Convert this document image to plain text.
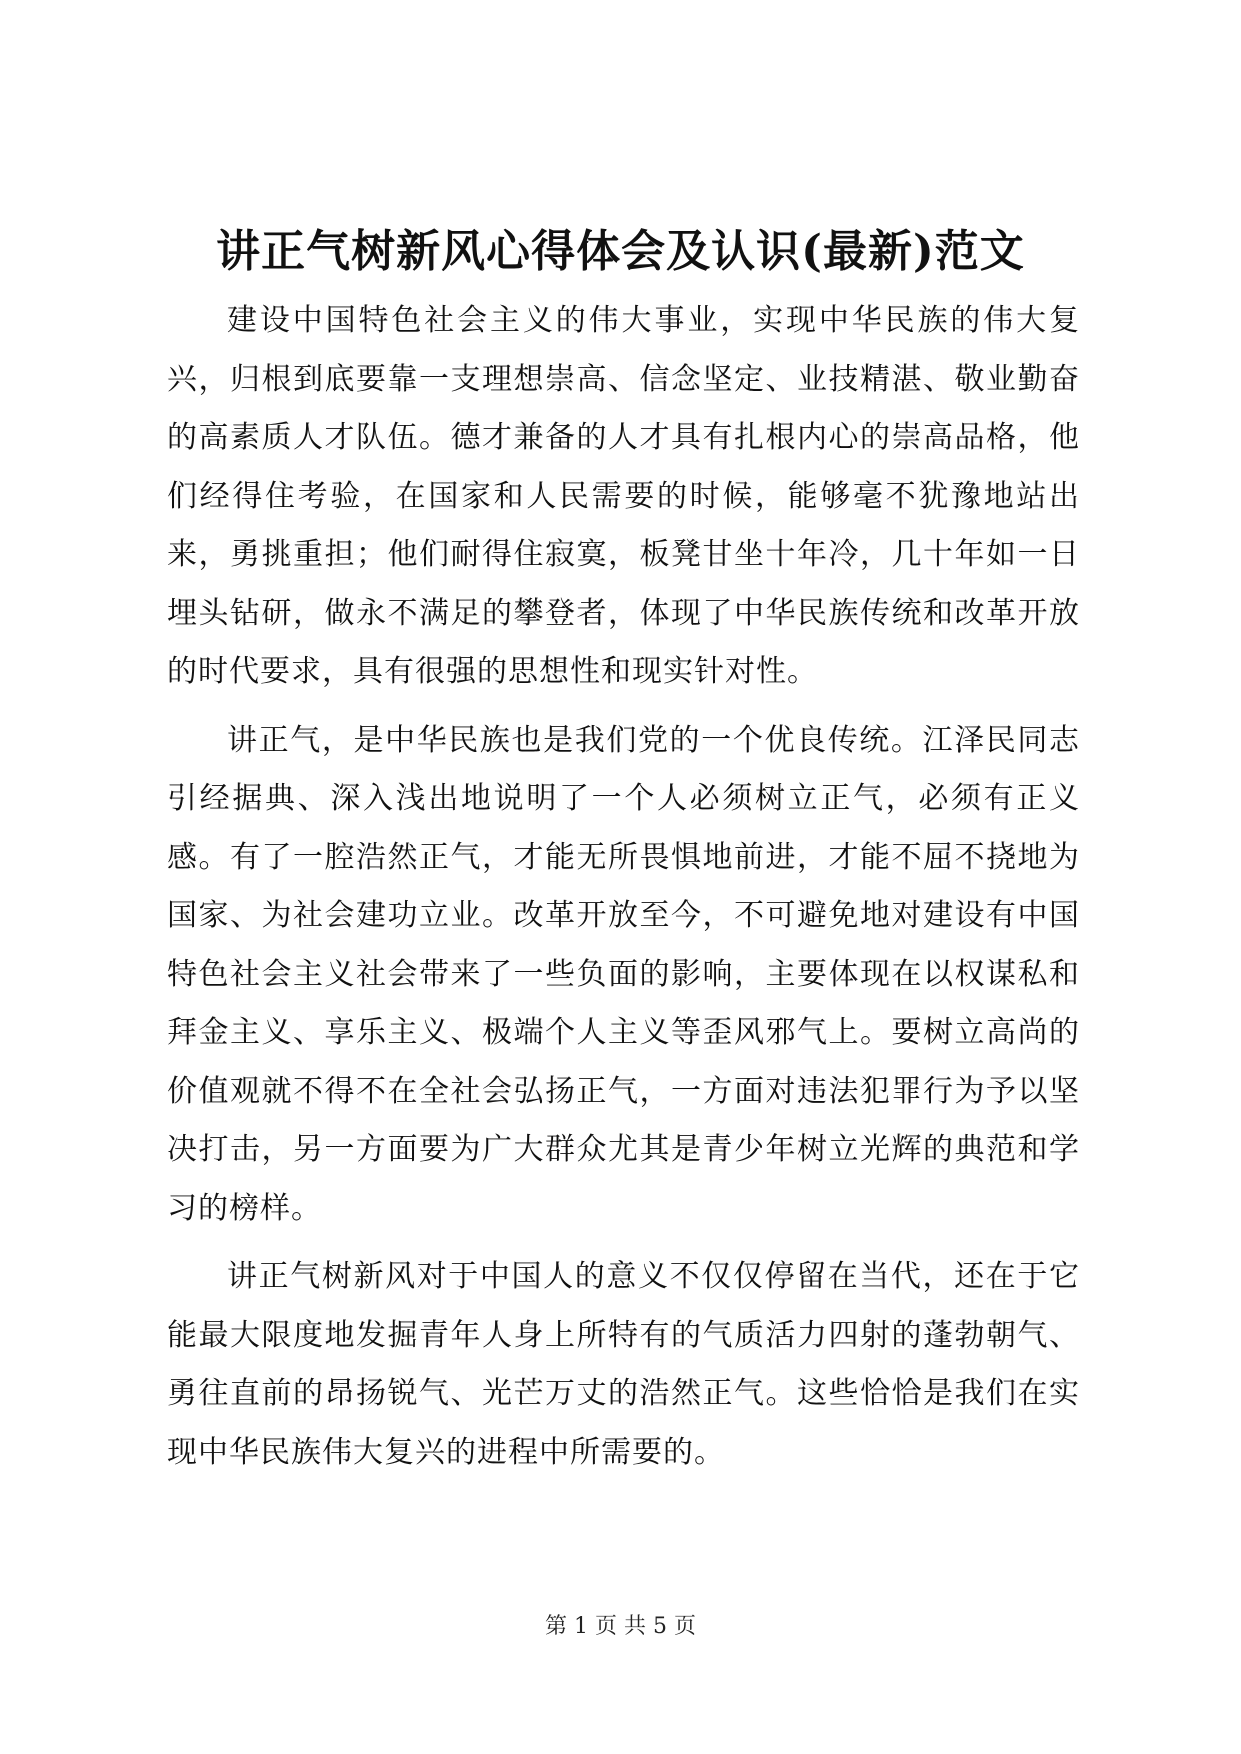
讲正气树新风心得体会及认识(最新)范文

建设中国特色社会主义的伟大事业，实现中华民族的伟大复兴，归根到底要靠一支理想崇高、信念坚定、业技精湛、敬业勤奋的高素质人才队伍。德才兼备的人才具有扎根内心的崇高品格，他们经得住考验，在国家和人民需要的时候，能够毫不犹豫地站出来，勇挑重担；他们耐得住寂寞，板凳甘坐十年冷，几十年如一日埋头钻研，做永不满足的攀登者，体现了中华民族传统和改革开放的时代要求，具有很强的思想性和现实针对性。

讲正气，是中华民族也是我们党的一个优良传统。江泽民同志引经据典、深入浅出地说明了一个人必须树立正气，必须有正义感。有了一腔浩然正气，才能无所畏惧地前进，才能不屈不挠地为国家、为社会建功立业。改革开放至今，不可避免地对建设有中国特色社会主义社会带来了一些负面的影响，主要体现在以权谋私和拜金主义、享乐主义、极端个人主义等歪风邪气上。要树立高尚的价值观就不得不在全社会弘扬正气，一方面对违法犯罪行为予以坚决打击，另一方面要为广大群众尤其是青少年树立光辉的典范和学习的榜样。

讲正气树新风对于中国人的意义不仅仅停留在当代，还在于它能最大限度地发掘青年人身上所特有的气质活力四射的蓬勃朝气、勇往直前的昂扬锐气、光芒万丈的浩然正气。这些恰恰是我们在实现中华民族伟大复兴的进程中所需要的。

第 1 页 共 5 页
